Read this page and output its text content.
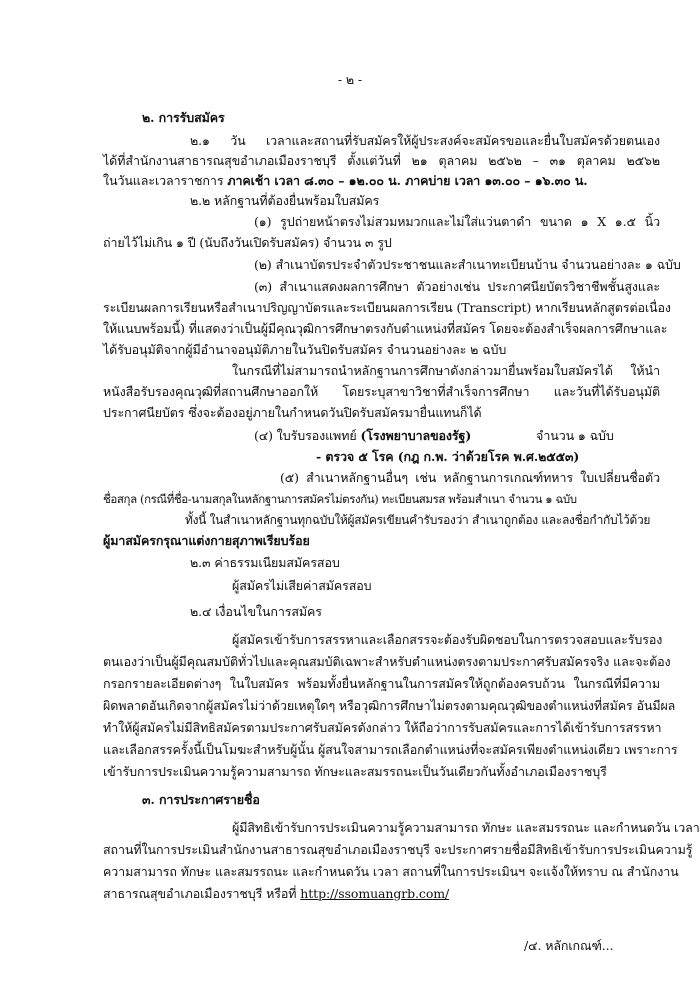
- ๒ -
๒. การรับสมัคร
๒.๑ วัน เวลาและสถานที่รับสมัครให้ผู้ประสงค์จะสมัครขอและยื่นใบสมัครด้วยตนเอง
ได้ที่สำนักงานสาธารณสุขอำเภอเมืองราชบุรี ตั้งแต่วันที่ ๒๑ ตุลาคม ๒๕๖๒ – ๓๑ ตุลาคม ๒๕๖๒
ในวันและเวลาราชการ ภาคเช้า เวลา ๘.๓๐ – ๑๒.๐๐ น. ภาคบ่าย เวลา ๑๓.๐๐ – ๑๖.๓๐ น.
๒.๒ หลักฐานที่ต้องยื่นพร้อมใบสมัคร
(๑) รูปถ่ายหน้าตรงไม่สวมหมวกและไม่ใส่แว่นตาดำ ขนาด ๑ X ๑.๕ นิ้ว
ถ่ายไว้ไม่เกิน ๑ ปี (นับถึงวันเปิดรับสมัคร) จำนวน ๓ รูป
(๒) สำเนาบัตรประจำตัวประชาชนและสำเนาทะเบียนบ้าน จำนวนอย่างละ ๑ ฉบับ
(๓) สำเนาแสดงผลการศึกษา ตัวอย่างเช่น ประกาศนียบัตรวิชาชีพชั้นสูงและ
ระเบียนผลการเรียนหรือสำเนาปริญญาบัตรและระเบียนผลการเรียน (Transcript) หากเรียนหลักสูตรต่อเนื่อง
ให้แนบพร้อมนี้) ที่แสดงว่าเป็นผู้มีคุณวุฒิการศึกษาตรงกับตำแหน่งที่สมัคร โดยจะต้องสำเร็จผลการศึกษาและ
ได้รับอนุมัติจากผู้มีอำนาจอนุมัติภายในวันปิดรับสมัคร จำนวนอย่างละ ๒ ฉบับ
ในกรณีที่ไม่สามารถนำหลักฐานการศึกษาดังกล่าวมายื่นพร้อมใบสมัครได้ ให้นำ
หนังสือรับรองคุณวุฒิที่สถานศึกษาออกให้ โดยระบุสาขาวิชาที่สำเร็จการศึกษา และวันที่ได้รับอนุมัติ
ประกาศนียบัตร ซึ่งจะต้องอยู่ภายในกำหนดวันปิดรับสมัครมายื่นแทนก็ได้
(๔) ใบรับรองแพทย์ (โรงพยาบาลของรัฐ)	จำนวน ๑ ฉบับ
- ตรวจ ๕ โรค (กฎ ก.พ. ว่าด้วยโรค พ.ศ.๒๕๕๓)
(๕) สำเนาหลักฐานอื่นๆ เช่น หลักฐานการเกณฑ์ทหาร ใบเปลี่ยนชื่อตัว
ชื่อสกุล (กรณีที่ชื่อ-นามสกุลในหลักฐานการสมัครไม่ตรงกัน) ทะเบียนสมรส พร้อมสำเนา จำนวน ๑ ฉบับ
ทั้งนี้ ในสำเนาหลักฐานทุกฉบับให้ผู้สมัครเขียนคำรับรองว่า สำเนาถูกต้อง และลงชื่อกำกับไว้ด้วย
ผู้มาสมัครกรุณาแต่งกายสุภาพเรียบร้อย
๒.๓ ค่าธรรมเนียมสมัครสอบ
ผู้สมัครไม่เสียค่าสมัครสอบ
๒.๔ เงื่อนไขในการสมัคร
ผู้สมัครเข้ารับการสรรหาและเลือกสรรจะต้องรับผิดชอบในการตรวจสอบและรับรอง
ตนเองว่าเป็นผู้มีคุณสมบัติทั่วไปและคุณสมบัติเฉพาะสำหรับตำแหน่งตรงตามประกาศรับสมัครจริง และจะต้อง
กรอกรายละเอียดต่างๆ ในใบสมัคร พร้อมทั้งยื่นหลักฐานในการสมัครให้ถูกต้องครบถ้วน ในกรณีที่มีความ
ผิดพลาดอันเกิดจากผู้สมัครไม่ว่าด้วยเหตุใดๆ หรือวุฒิการศึกษาไม่ตรงตามคุณวุฒิของตำแหน่งที่สมัคร อันมีผล
ทำให้ผู้สมัครไม่มีสิทธิสมัครตามประกาศรับสมัครดังกล่าว ให้ถือว่าการรับสมัครและการได้เข้ารับการสรรหา
และเลือกสรรครั้งนี้เป็นโมฆะสำหรับผู้นั้น ผู้สนใจสามารถเลือกตำแหน่งที่จะสมัครเพียงตำแหน่งเดียว เพราะการ
เข้ารับการประเมินความรู้ความสามารถ ทักษะและสมรรถนะเป็นวันเดียวกันทั้งอำเภอเมืองราชบุรี
๓. การประกาศรายชื่อ
ผู้มีสิทธิเข้ารับการประเมินความรู้ความสามารถ ทักษะ และสมรรถนะ และกำหนดวัน เวลา
สถานที่ในการประเมินสำนักงานสาธารณสุขอำเภอเมืองราชบุรี จะประกาศรายชื่อมีสิทธิเข้ารับการประเมินความรู้
ความสามารถ ทักษะ และสมรรถนะ และกำหนดวัน เวลา สถานที่ในการประเมินฯ จะแจ้งให้ทราบ ณ สำนักงาน
สาธารณสุขอำเภอเมืองราชบุรี หรือที่ http://ssomuangrb.com/
/๔. หลักเกณฑ์...
